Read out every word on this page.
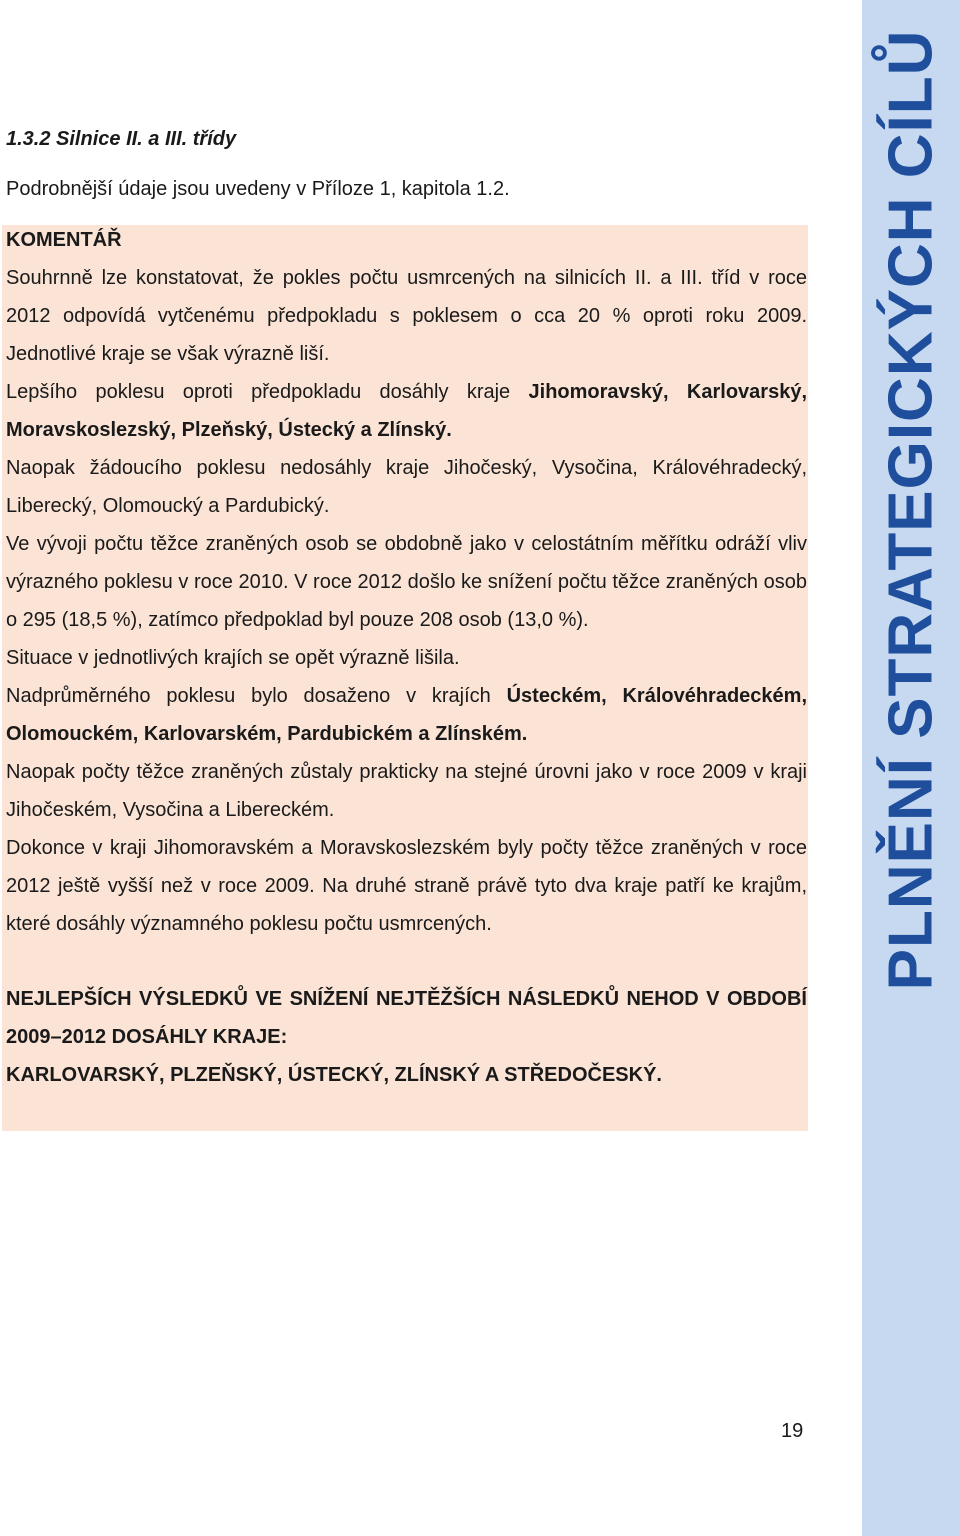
PLNĚNÍ STRATEGICKÝCH CÍLŮ
1.3.2 Silnice II. a III. třídy
Podrobnější údaje jsou uvedeny v Příloze 1, kapitola 1.2.
KOMENTÁŘ
Souhrnně lze konstatovat, že pokles počtu usmrcených na silnicích II. a III. tříd v roce 2012 odpovídá vytčenému předpokladu s poklesem o cca 20 % oproti roku 2009. Jednotlivé kraje se však výrazně liší.
Lepšího poklesu oproti předpokladu dosáhly kraje Jihomoravský, Karlovarský, Moravskoslezský, Plzeňský, Ústecký a Zlínský.
Naopak žádoucího poklesu nedosáhly kraje Jihočeský, Vysočina, Královéhradecký, Liberecký, Olomoucký a Pardubický.
Ve vývoji počtu těžce zraněných osob se obdobně jako v celostátním měřítku odráží vliv výrazného poklesu v roce 2010. V roce 2012 došlo ke snížení počtu těžce zraněných osob o 295 (18,5 %), zatímco předpoklad byl pouze 208 osob (13,0 %).
Situace v jednotlivých krajích se opět výrazně lišila.
Nadprůměrného poklesu bylo dosaženo v krajích Ústeckém, Královéhradeckém, Olomouckém, Karlovarském, Pardubickém a Zlínském.
Naopak počty těžce zraněných zůstaly prakticky na stejné úrovni jako v roce 2009 v kraji Jihočeském, Vysočina a Libereckém.
Dokonce v kraji Jihomoravském a Moravskoslezském byly počty těžce zraněných v roce 2012 ještě vyšší než v roce 2009. Na druhé straně právě tyto dva kraje patří ke krajům, které dosáhly významného poklesu počtu usmrcených.
NEJLEPŠÍCH VÝSLEDKŮ VE SNÍŽENÍ NEJTĚŽŠÍCH NÁSLEDKŮ NEHOD V OBDOBÍ 2009–2012 DOSÁHLY KRAJE:
KARLOVARSKÝ, PLZEŇSKÝ, ÚSTECKÝ, ZLÍNSKÝ A STŘEDOČESKÝ.
19
